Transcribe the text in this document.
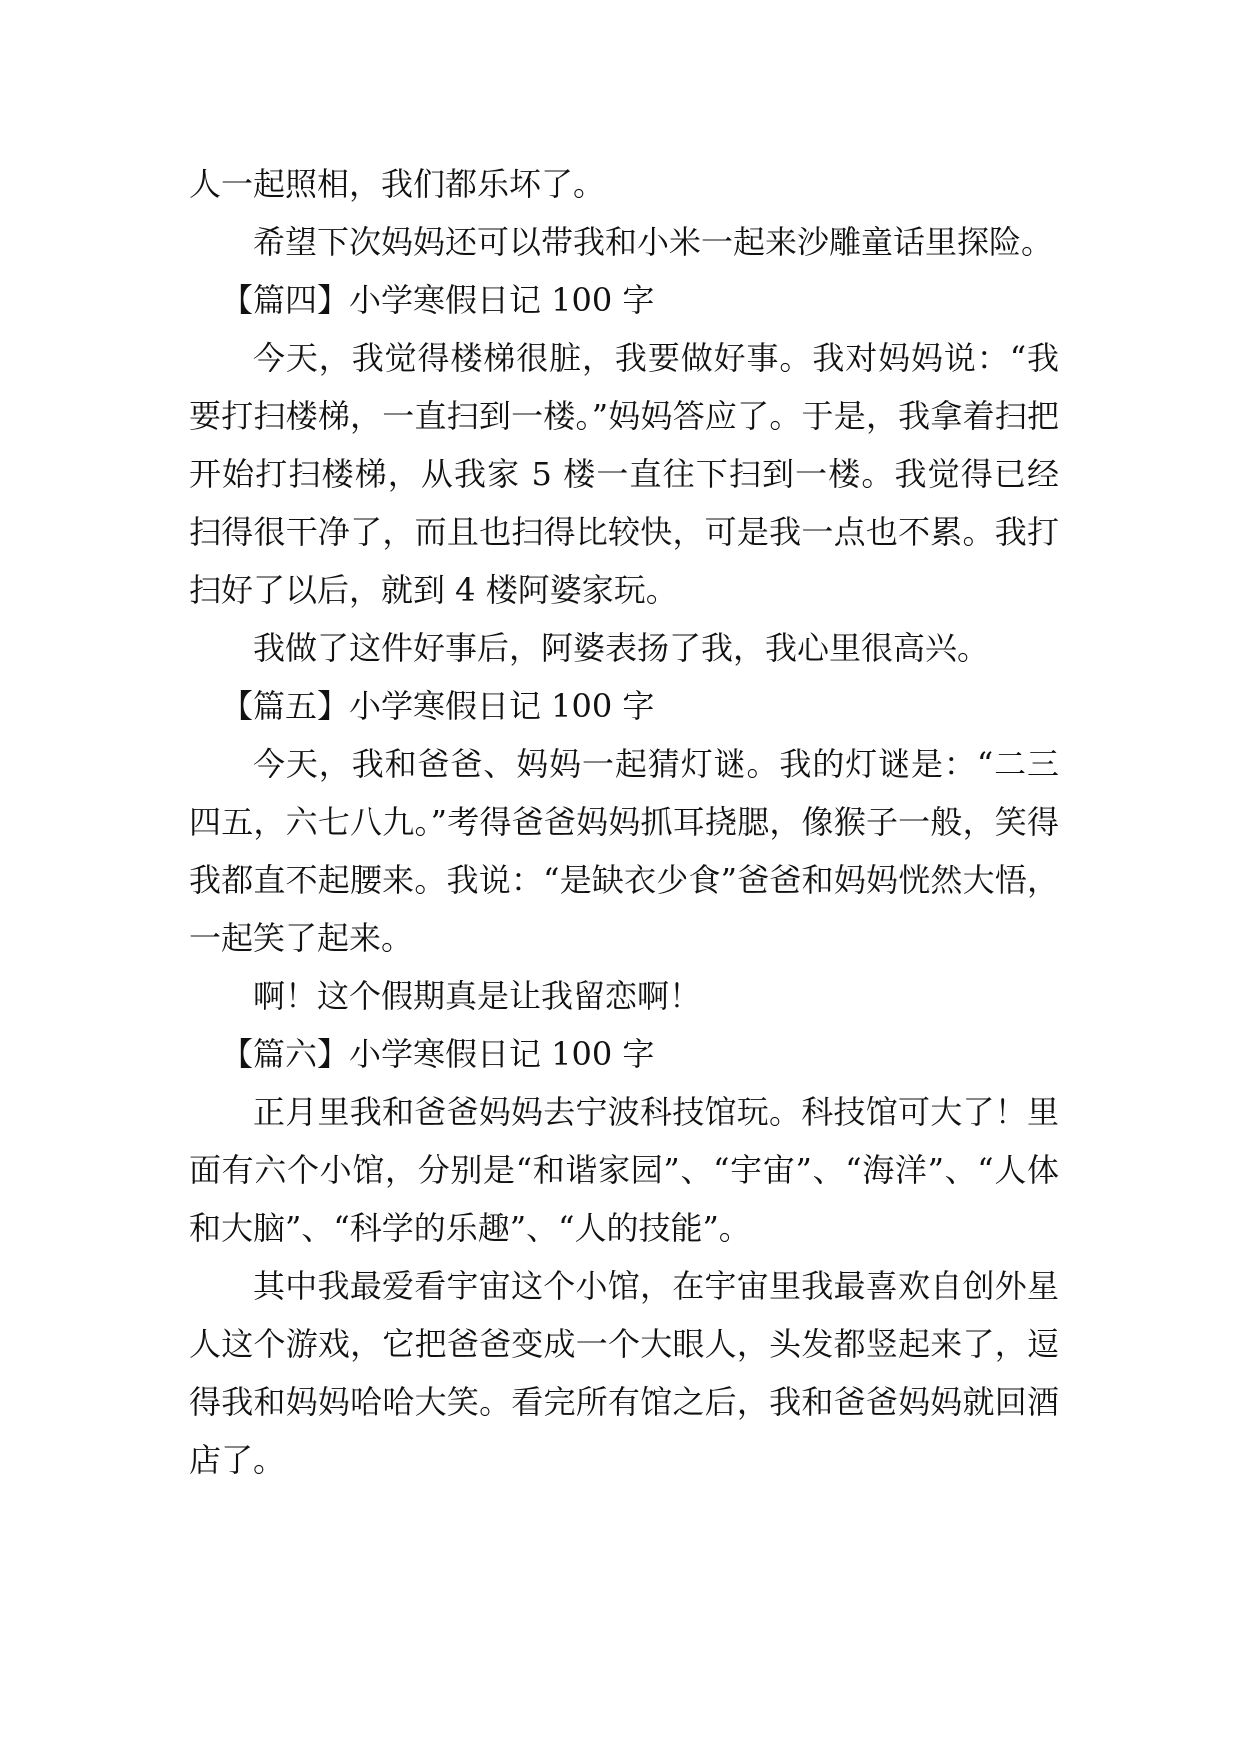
人一起照相，我们都乐坏了。

希望下次妈妈还可以带我和小米一起来沙雕童话里探险。

【篇四】小学寒假日记 100 字

今天，我觉得楼梯很脏，我要做好事。我对妈妈说：“我要打扫楼梯，一直扫到一楼。”妈妈答应了。于是，我拿着扫把开始打扫楼梯，从我家 5 楼一直往下扫到一楼。我觉得已经扫得很干净了，而且也扫得比较快，可是我一点也不累。我打扫好了以后，就到 4 楼阿婆家玩。

我做了这件好事后，阿婆表扬了我，我心里很高兴。

【篇五】小学寒假日记 100 字

今天，我和爸爸、妈妈一起猜灯谜。我的灯谜是：“二三四五，六七八九。”考得爸爸妈妈抓耳挠腮，像猴子一般，笑得我都直不起腰来。我说：“是缺衣少食”爸爸和妈妈恍然大悟，一起笑了起来。

啊！这个假期真是让我留恋啊！

【篇六】小学寒假日记 100 字

正月里我和爸爸妈妈去宁波科技馆玩。科技馆可大了！里面有六个小馆，分别是“和谐家园”、“宇宙”、“海洋”、“人体和大脑”、“科学的乐趣”、“人的技能”。

其中我最爱看宇宙这个小馆，在宇宙里我最喜欢自创外星人这个游戏，它把爸爸变成一个大眼人，头发都竖起来了，逗得我和妈妈哈哈大笑。看完所有馆之后，我和爸爸妈妈就回酒店了。
